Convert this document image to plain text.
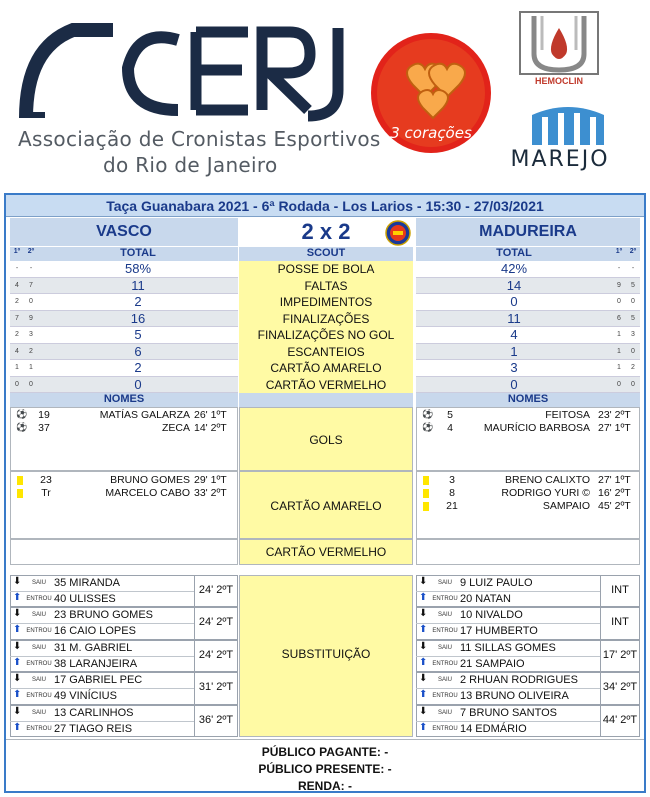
Associação de Cronistas Esportivos
do Rio de Janeiro
3 corações
HEMOCLIN
MAREJO
Taça Guanabara 2021 - 6ª Rodada - Los Larios - 15:30 - 27/03/2021
VASCO	2 x 2	MADUREIRA
1º	2º	TOTAL	SCOUT	TOTAL	1º	2º
-	-	58%	POSSE DE BOLA	42%	-	-
4	7	11	FALTAS	14	9	5
2	0	2	IMPEDIMENTOS	0	0	0
7	9	16	FINALIZAÇÕES	11	6	5
2	3	5	FINALIZAÇÕES NO GOL	4	1	3
4	2	6	ESCANTEIOS	1	1	0
1	1	2	CARTÃO AMARELO	3	1	2
0	0	0	CARTÃO VERMELHO	0	0	0
NOMES	NOMES
GOLS
⚽	19	MATÍAS GALARZA 26' 1ºT
⚽	37	ZECA 14' 2ºT
⚽	5	FEITOSA 23' 2ºT
⚽	4	MAURÍCIO BARBOSA 27' 1ºT
CARTÃO AMARELO
23	BRUNO GOMES 29' 1ºT
Tr	MARCELO CABO 33' 2ºT
3	BRENO CALIXTO 27' 1ºT
8	RODRIGO YURI © 16' 2ºT
21	SAMPAIO 45' 2ºT
CARTÃO VERMELHO
SUBSTITUIÇÃO
⬇	SAIU 35 MIRANDA
⬆ ENTROU 40 ULISSES
24' 2ºT
⬇	SAIU 23 BRUNO GOMES
⬆ ENTROU 16 CAIO LOPES
24' 2ºT
⬇	SAIU 31 M. GABRIEL
⬆ ENTROU 38 LARANJEIRA
24' 2ºT
⬇	SAIU 17 GABRIEL PEC
⬆ ENTROU 49 VINÍCIUS
31' 2ºT
⬇	SAIU 13 CARLINHOS
⬆ ENTROU 27 TIAGO REIS
36' 2ºT
⬇	SAIU 9 LUIZ PAULO
⬆ ENTROU 20 NATAN
INT
⬇	SAIU 10 NIVALDO
⬆ ENTROU 17 HUMBERTO
INT
⬇	SAIU 11 SILLAS GOMES
⬆ ENTROU 21 SAMPAIO
17' 2ºT
⬇	SAIU 2 RHUAN RODRIGUES
⬆ ENTROU 13 BRUNO OLIVEIRA
34' 2ºT
⬇	SAIU 7 BRUNO SANTOS
⬆ ENTROU 14 EDMÁRIO
44' 2ºT
PÚBLICO PAGANTE: -
PÚBLICO PRESENTE: -
RENDA: -
